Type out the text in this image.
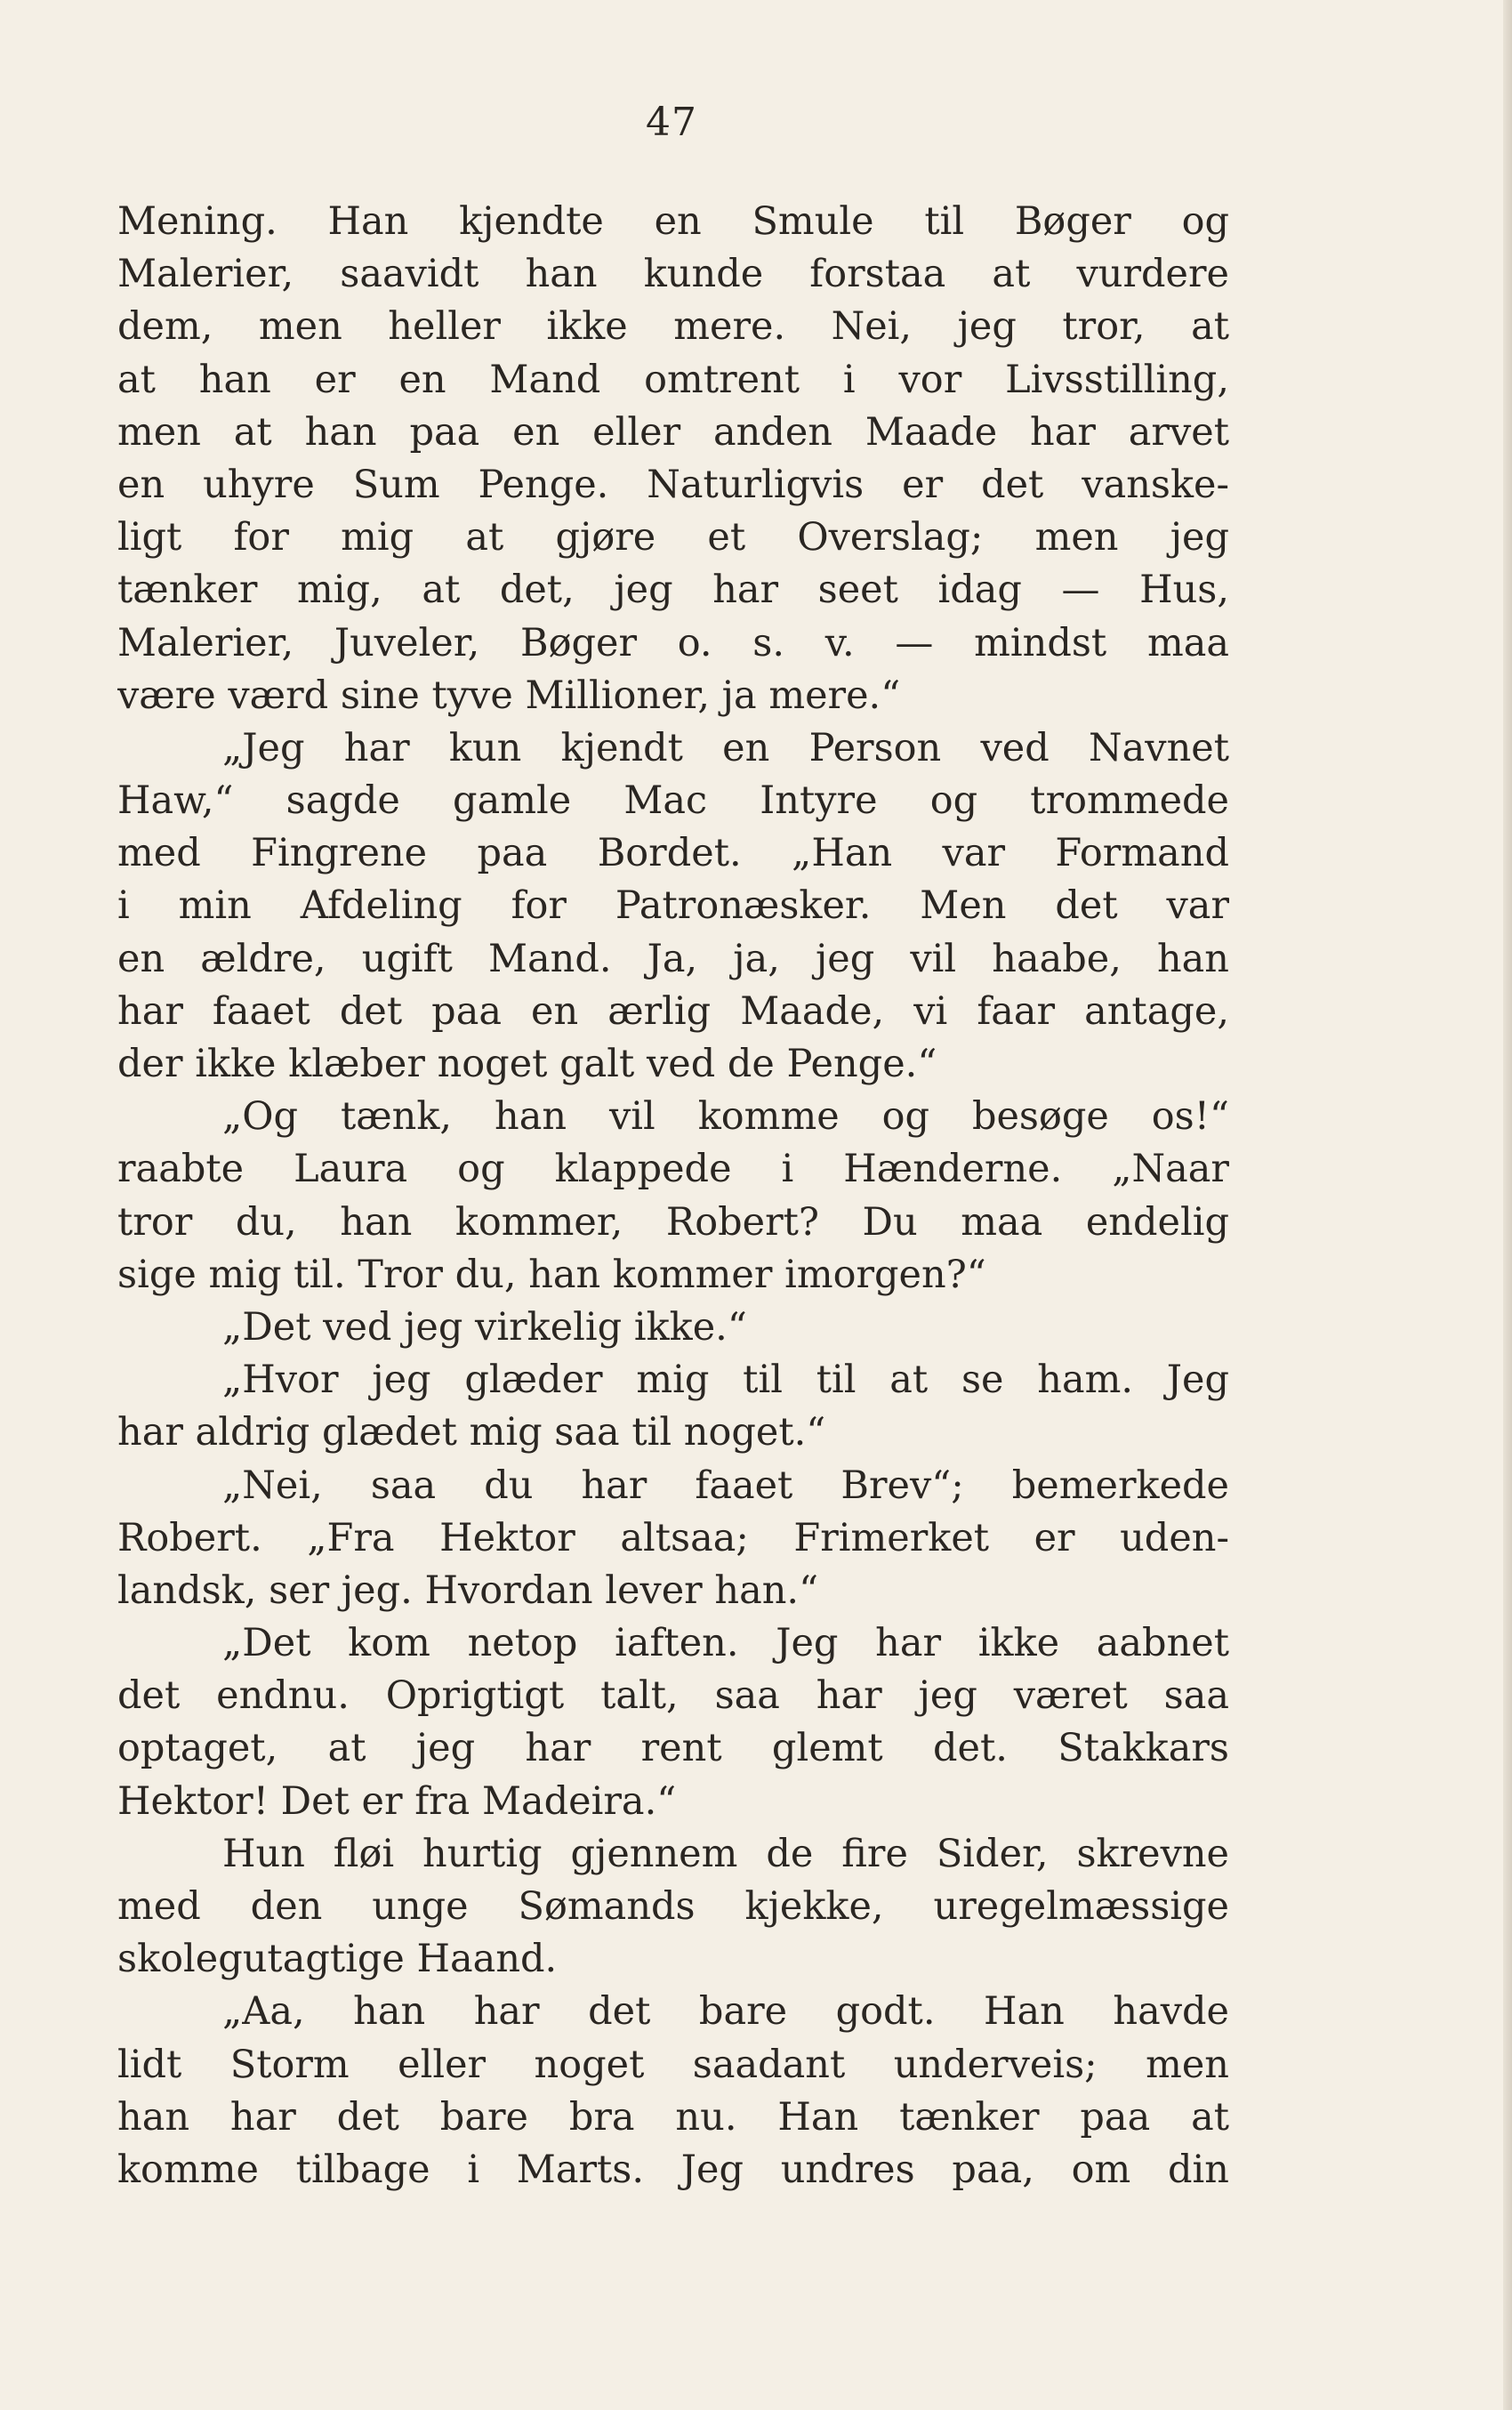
47
Mening. Han kjendte en Smule til Bøger og
Malerier, saavidt han kunde forstaa at vurdere
dem, men heller ikke mere. Nei, jeg tror, at
at han er en Mand omtrent i vor Livsstilling,
men at han paa en eller anden Maade har arvet
en uhyre Sum Penge. Naturligvis er det vanske-
ligt for mig at gjøre et Overslag; men jeg
tænker mig, at det, jeg har seet idag — Hus,
Malerier, Juveler, Bøger o. s. v. — mindst maa
være værd sine tyve Millioner, ja mere.“
„Jeg har kun kjendt en Person ved Navnet
Haw,“ sagde gamle Mac Intyre og trommede
med Fingrene paa Bordet. „Han var Formand
i min Afdeling for Patronæsker. Men det var
en ældre, ugift Mand. Ja, ja, jeg vil haabe, han
har faaet det paa en ærlig Maade, vi faar antage,
der ikke klæber noget galt ved de Penge.“
„Og tænk, han vil komme og besøge os!“
raabte Laura og klappede i Hænderne. „Naar
tror du, han kommer, Robert? Du maa endelig
sige mig til. Tror du, han kommer imorgen?“
„Det ved jeg virkelig ikke.“
„Hvor jeg glæder mig til til at se ham. Jeg
har aldrig glædet mig saa til noget.“
„Nei, saa du har faaet Brev“; bemerkede
Robert. „Fra Hektor altsaa; Frimerket er uden-
landsk, ser jeg. Hvordan lever han.“
„Det kom netop iaften. Jeg har ikke aabnet
det endnu. Oprigtigt talt, saa har jeg været saa
optaget, at jeg har rent glemt det. Stakkars
Hektor! Det er fra Madeira.“
Hun fløi hurtig gjennem de fire Sider, skrevne
med den unge Sømands kjekke, uregelmæssige
skolegutagtige Haand.
„Aa, han har det bare godt. Han havde
lidt Storm eller noget saadant underveis; men
han har det bare bra nu. Han tænker paa at
komme tilbage i Marts. Jeg undres paa, om din
